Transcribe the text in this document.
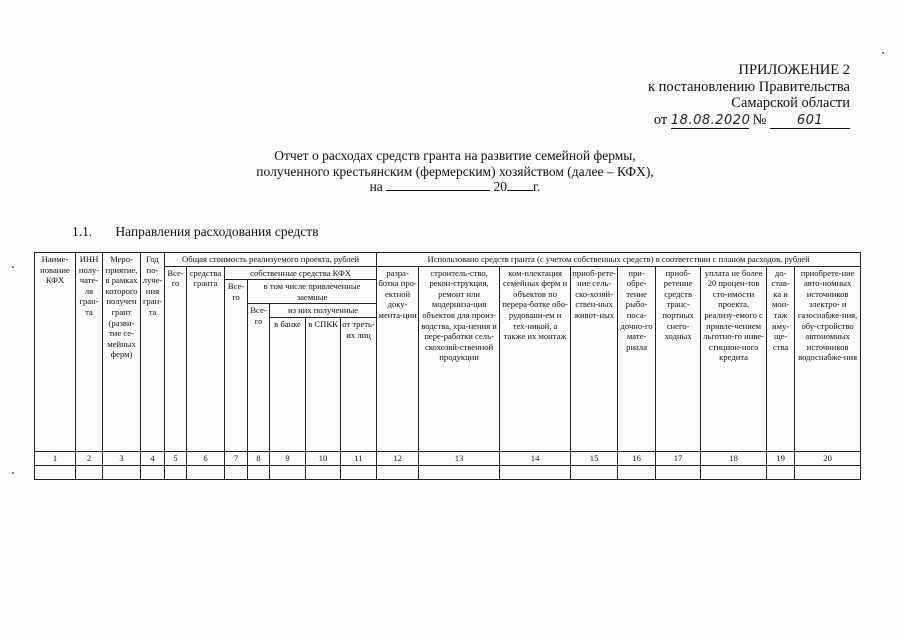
ПРИЛОЖЕНИЕ 2
к постановлению Правительства
Самарской области
от 18.08.2020 № 601
Отчет о расходах средств гранта на развитие семейной фермы,
полученного крестьянским (фермерским) хозяйством (далее – КФХ),
на	20 г.
1.1. Направления расходования средств
Наиме-нование КФХ	ИНН полу-чате-ля гран-та	Меро-приятие, в рамках которого получен грант (разви-тие се-мейных ферм)	Год по-луче-ния гран-та	Общая стоимость реализуемого проекта, рублей							Использовано средств гранта (с учетом собственных средств) в соответствии с планом расходов, рублей								
				Все-го	средства гранта	собственные средства КФХ					разра-ботка про-ектной доку-мента-ции	строитель-ство, рекон-струкция, ремонт или модерниза-ция объектов для произ-водства, хра-нения и пере-работки сель-скохозяй-ственной продукции	ком-плектация семейных ферм и объектов по перера-ботке обо-рудовани-ем и тех-никой, а также их монтаж	приоб-рете-ние сель-ско-хозяй-ствен-ных живот-ных	при-обре-тение рыбо-поса-дочно-го мате-риала	приоб-ретение средств транс-портных снего-ходных	уплата не более 20 процен-тов сто-имости проекта, реализу-емого с привле-чением льготно-го инве-стицион-ного кредита	до-став-ка и мон-таж иму-ще-ства	приобрете-ние авто-номных источников электро- и газоснабже-ния, обу-стройство автономных источников водоснабже-ния
						Все-го	в том числе привлеченные заемные												
							Все-го	из них полученные											
								в банке	в СПКК	от треть-их лиц									
1	2	3	4	5	6	7	8	9	10	11	12	13	14	15	16	17	18	19	20
